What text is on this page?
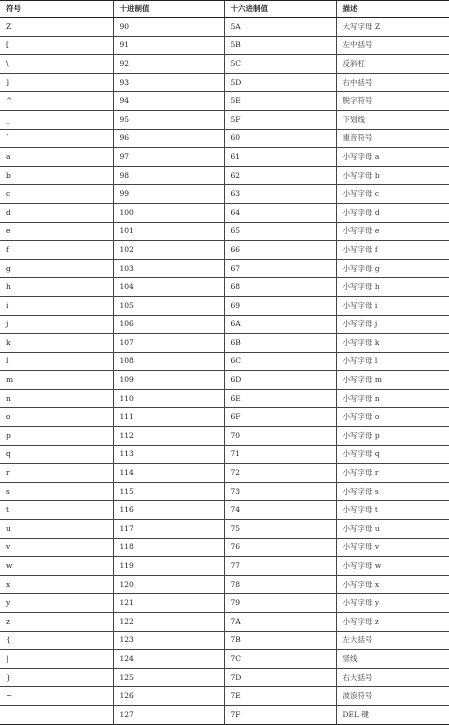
符号	十进制值	十六进制值	描述
Z	90	5A	大写字母 Z
[	91	5B	左中括号
\	92	5C	反斜杠
]	93	5D	右中括号
^	94	5E	脱字符号
_	95	5F	下划线
`	96	60	重音符号
a	97	61	小写字母 a
b	98	62	小写字母 b
c	99	63	小写字母 c
d	100	64	小写字母 d
e	101	65	小写字母 e
f	102	66	小写字母 f
g	103	67	小写字母 g
h	104	68	小写字母 h
i	105	69	小写字母 i
j	106	6A	小写字母 j
k	107	6B	小写字母 k
l	108	6C	小写字母 l
m	109	6D	小写字母 m
n	110	6E	小写字母 n
o	111	6F	小写字母 o
p	112	70	小写字母 p
q	113	71	小写字母 q
r	114	72	小写字母 r
s	115	73	小写字母 s
t	116	74	小写字母 t
u	117	75	小写字母 u
v	118	76	小写字母 v
w	119	77	小写字母 w
x	120	78	小写字母 x
y	121	79	小写字母 y
z	122	7A	小写字母 z
{	123	7B	左大括号
|	124	7C	竖线
}	125	7D	右大括号
~	126	7E	波浪符号
	127	7F	DEL 键
